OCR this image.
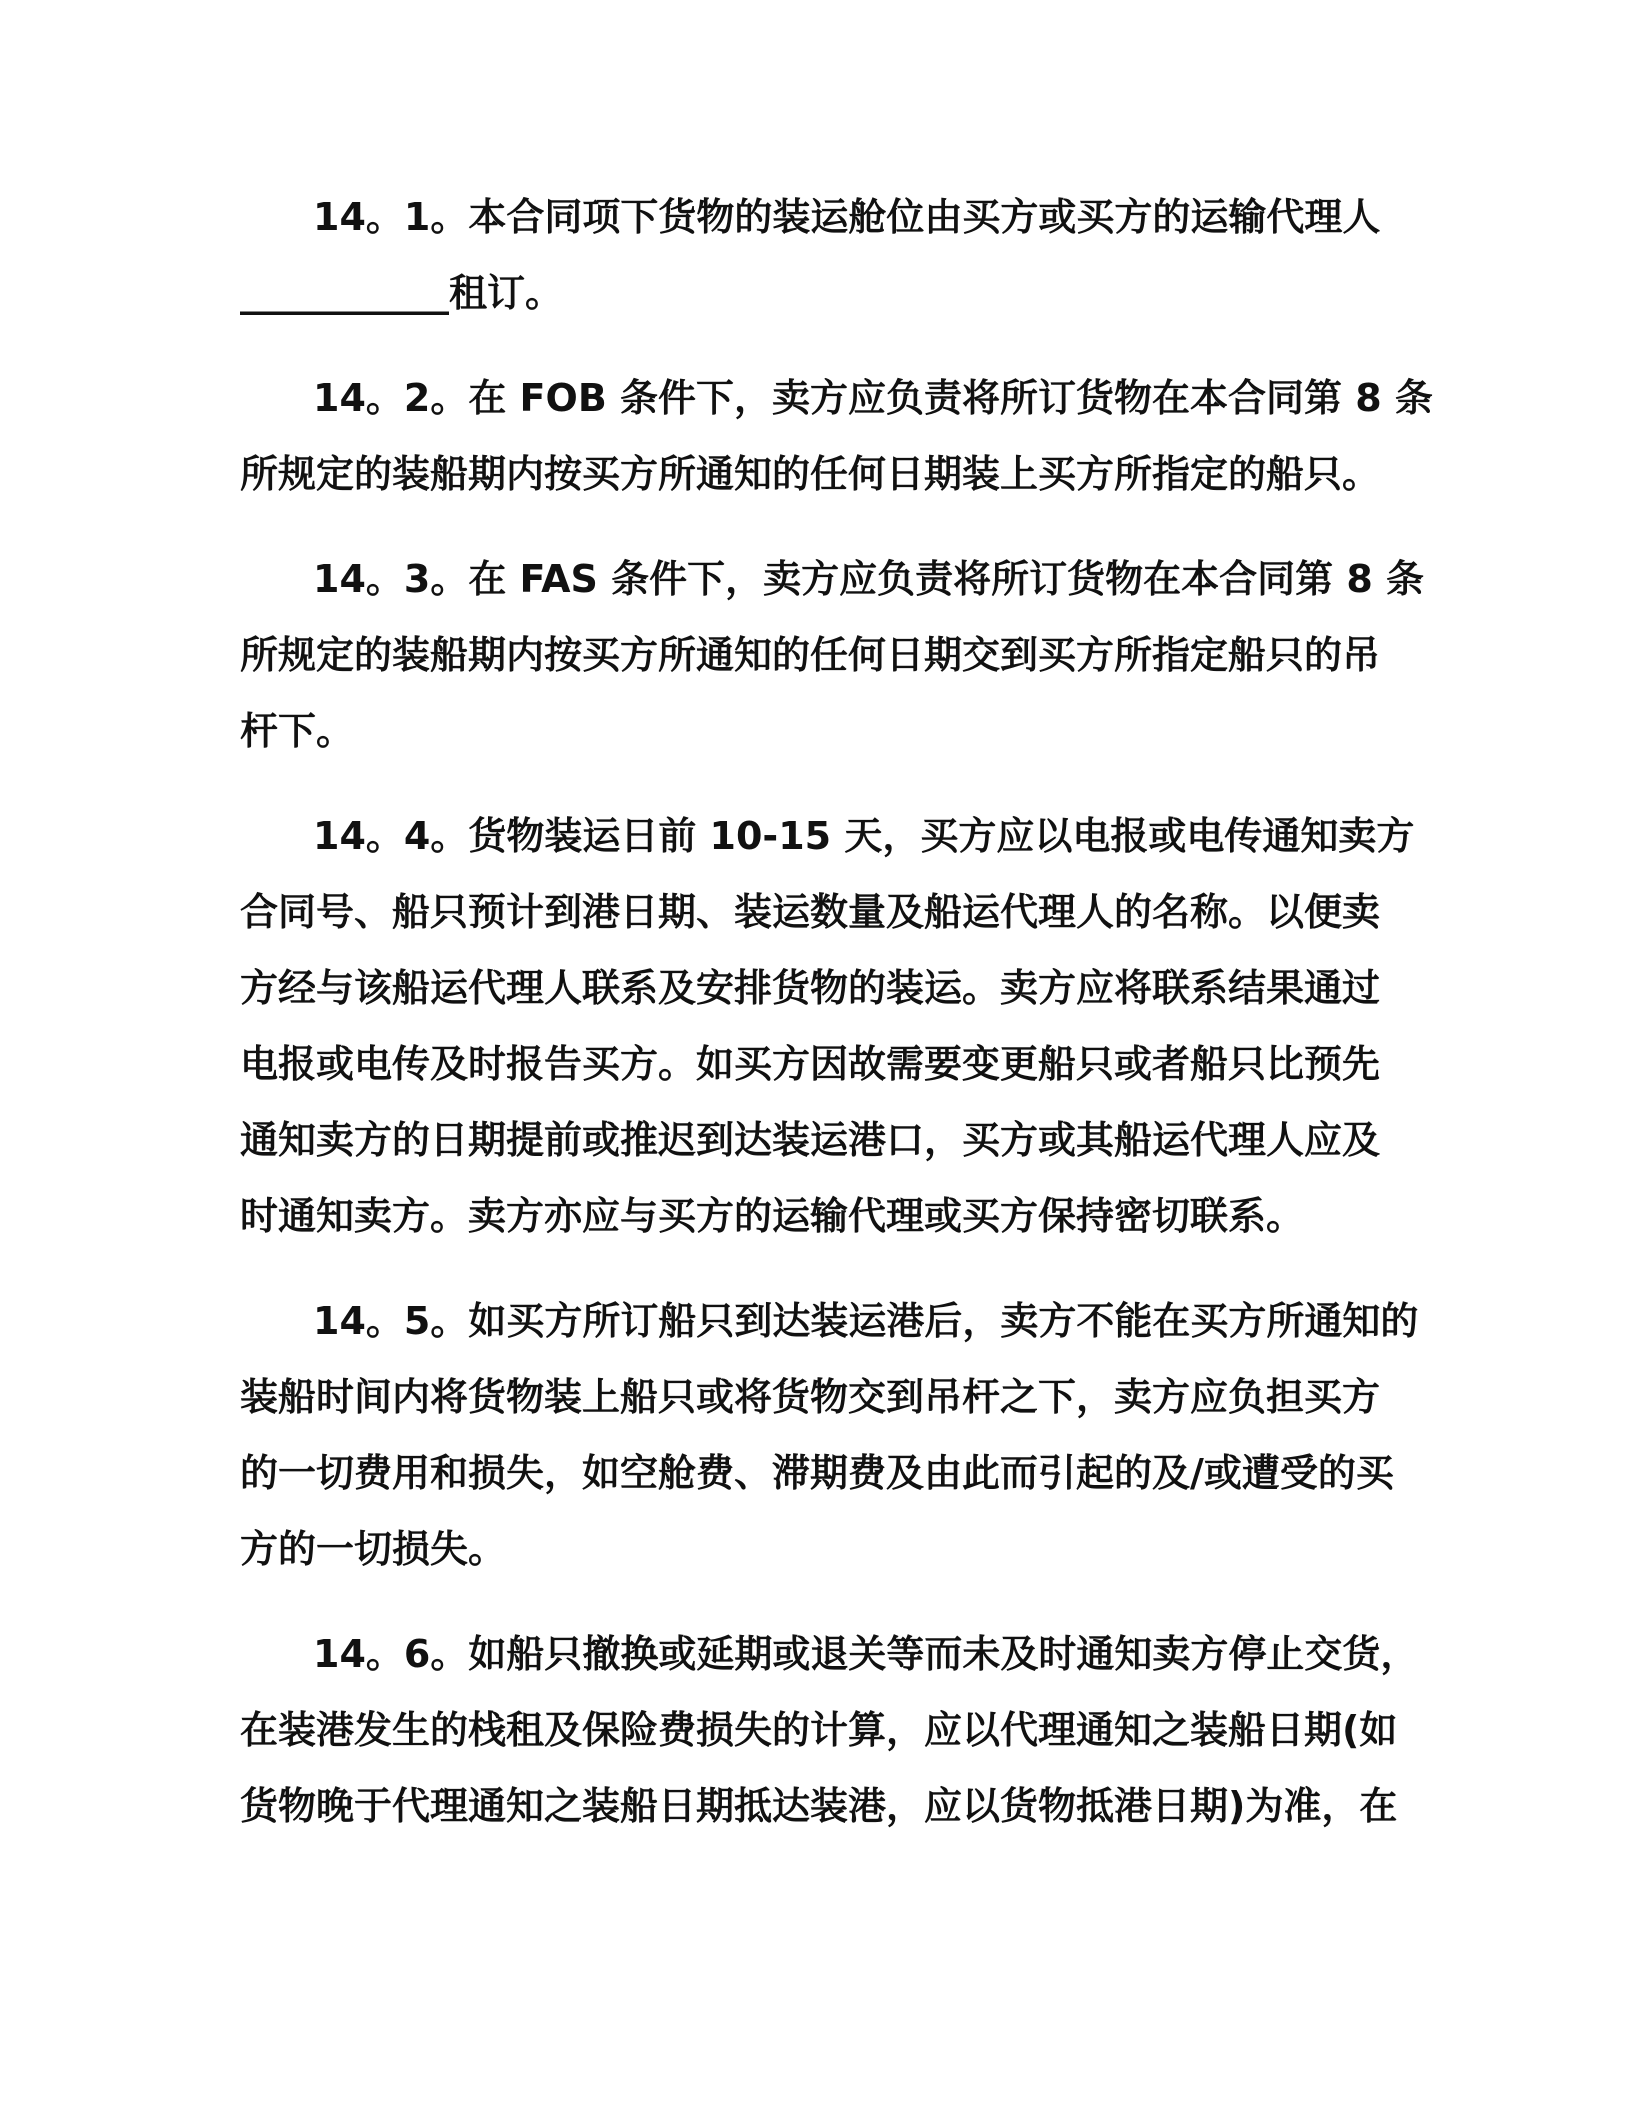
14。1。本合同项下货物的装运舱位由买方或买方的运输代理人
___________租订。
14。2。在 FOB 条件下，卖方应负责将所订货物在本合同第 8 条
所规定的装船期内按买方所通知的任何日期装上买方所指定的船只。
14。3。在 FAS 条件下，卖方应负责将所订货物在本合同第 8 条
所规定的装船期内按买方所通知的任何日期交到买方所指定船只的吊
杆下。
14。4。货物装运日前 10-15 天，买方应以电报或电传通知卖方
合同号、船只预计到港日期、装运数量及船运代理人的名称。以便卖
方经与该船运代理人联系及安排货物的装运。卖方应将联系结果通过
电报或电传及时报告买方。如买方因故需要变更船只或者船只比预先
通知卖方的日期提前或推迟到达装运港口，买方或其船运代理人应及
时通知卖方。卖方亦应与买方的运输代理或买方保持密切联系。
14。5。如买方所订船只到达装运港后，卖方不能在买方所通知的
装船时间内将货物装上船只或将货物交到吊杆之下，卖方应负担买方
的一切费用和损失，如空舱费、滞期费及由此而引起的及/或遭受的买
方的一切损失。
14。6。如船只撤换或延期或退关等而未及时通知卖方停止交货，
在装港发生的栈租及保险费损失的计算，应以代理通知之装船日期(如
货物晚于代理通知之装船日期抵达装港，应以货物抵港日期)为准，在
